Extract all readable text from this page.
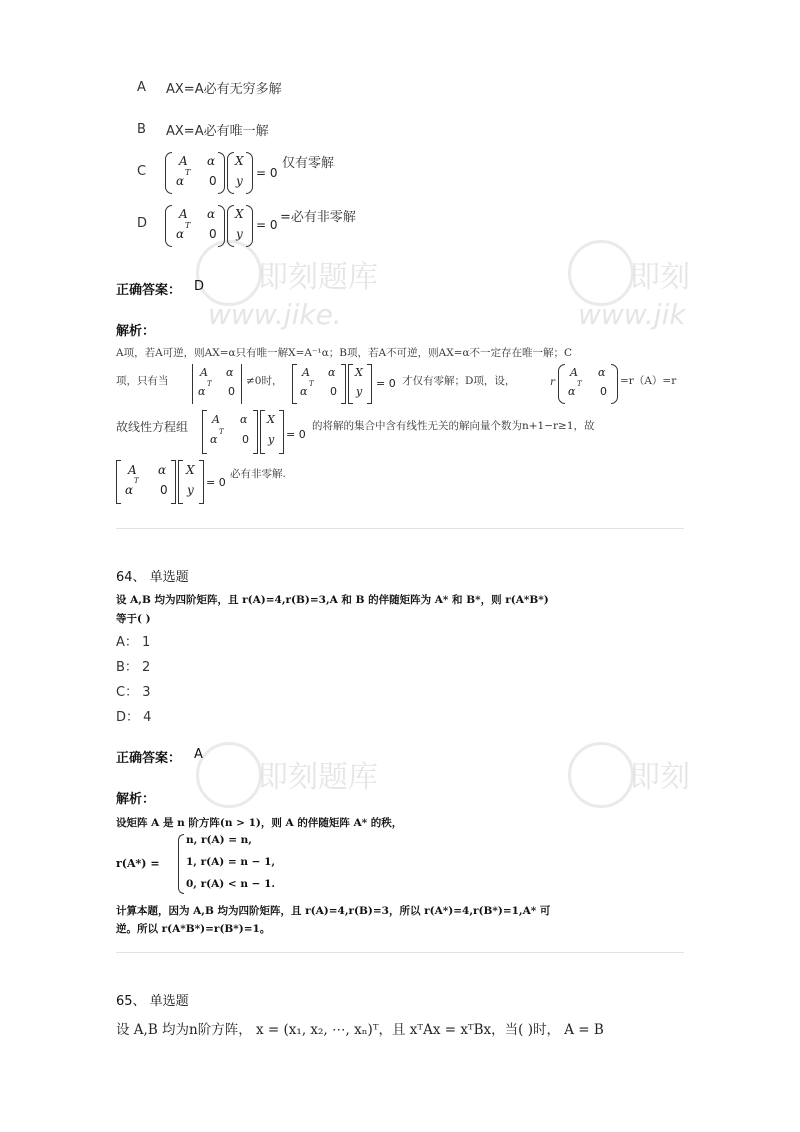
即刻题库
www.jike.
即刻
www.jik
即刻题库	即刻
A AX=A必有无穷多解
B AX=A必有唯一解
C
A α
α
T
0
X
y
= 0
仅有零解
D
A α
α
T
0
X
y
= 0 =必有非零解
正确答案： D
解析：
A项，若A可逆，则AX=α只有唯一解X=A⁻¹α；B项，若A不可逆，则AX=α不一定存在唯一解；C
项，只有当
A α
α
T
0
≠0时，
A α
α
T
0
X
y
= 0 才仅有零解；D项，设，	r
A α
α
T
0
=r（A）=r
故线性方程组
A α
α
T
0
X
y = 0
的将解的集合中含有线性无关的解向量个数为n+1−r≥1，故
A α
α
T
0
X
y
= 0
必有非零解.
64、 单选题
设 A,B 均为四阶矩阵，且 r(A)=4,r(B)=3,A 和 B 的伴随矩阵为 A* 和 B*，则 r(A*B*)
等于( )
A： 1
B： 2
C： 3
D： 4
正确答案： A
解析：
设矩阵 A 是 n 阶方阵(n > 1)，则 A 的伴随矩阵 A* 的秩，
r(A*) =
n, r(A) = n,
1, r(A) = n − 1,
0, r(A) < n − 1.
计算本题，因为 A,B 均为四阶矩阵，且 r(A)=4,r(B)=3，所以 r(A*)=4,r(B*)=1,A* 可
逆。所以 r(A*B*)=r(B*)=1。
65、 单选题
设 A,B 均为n阶方阵， x = (x₁, x₂, ⋯, xₙ)ᵀ，且 xᵀAx = xᵀBx，当( )时， A = B
